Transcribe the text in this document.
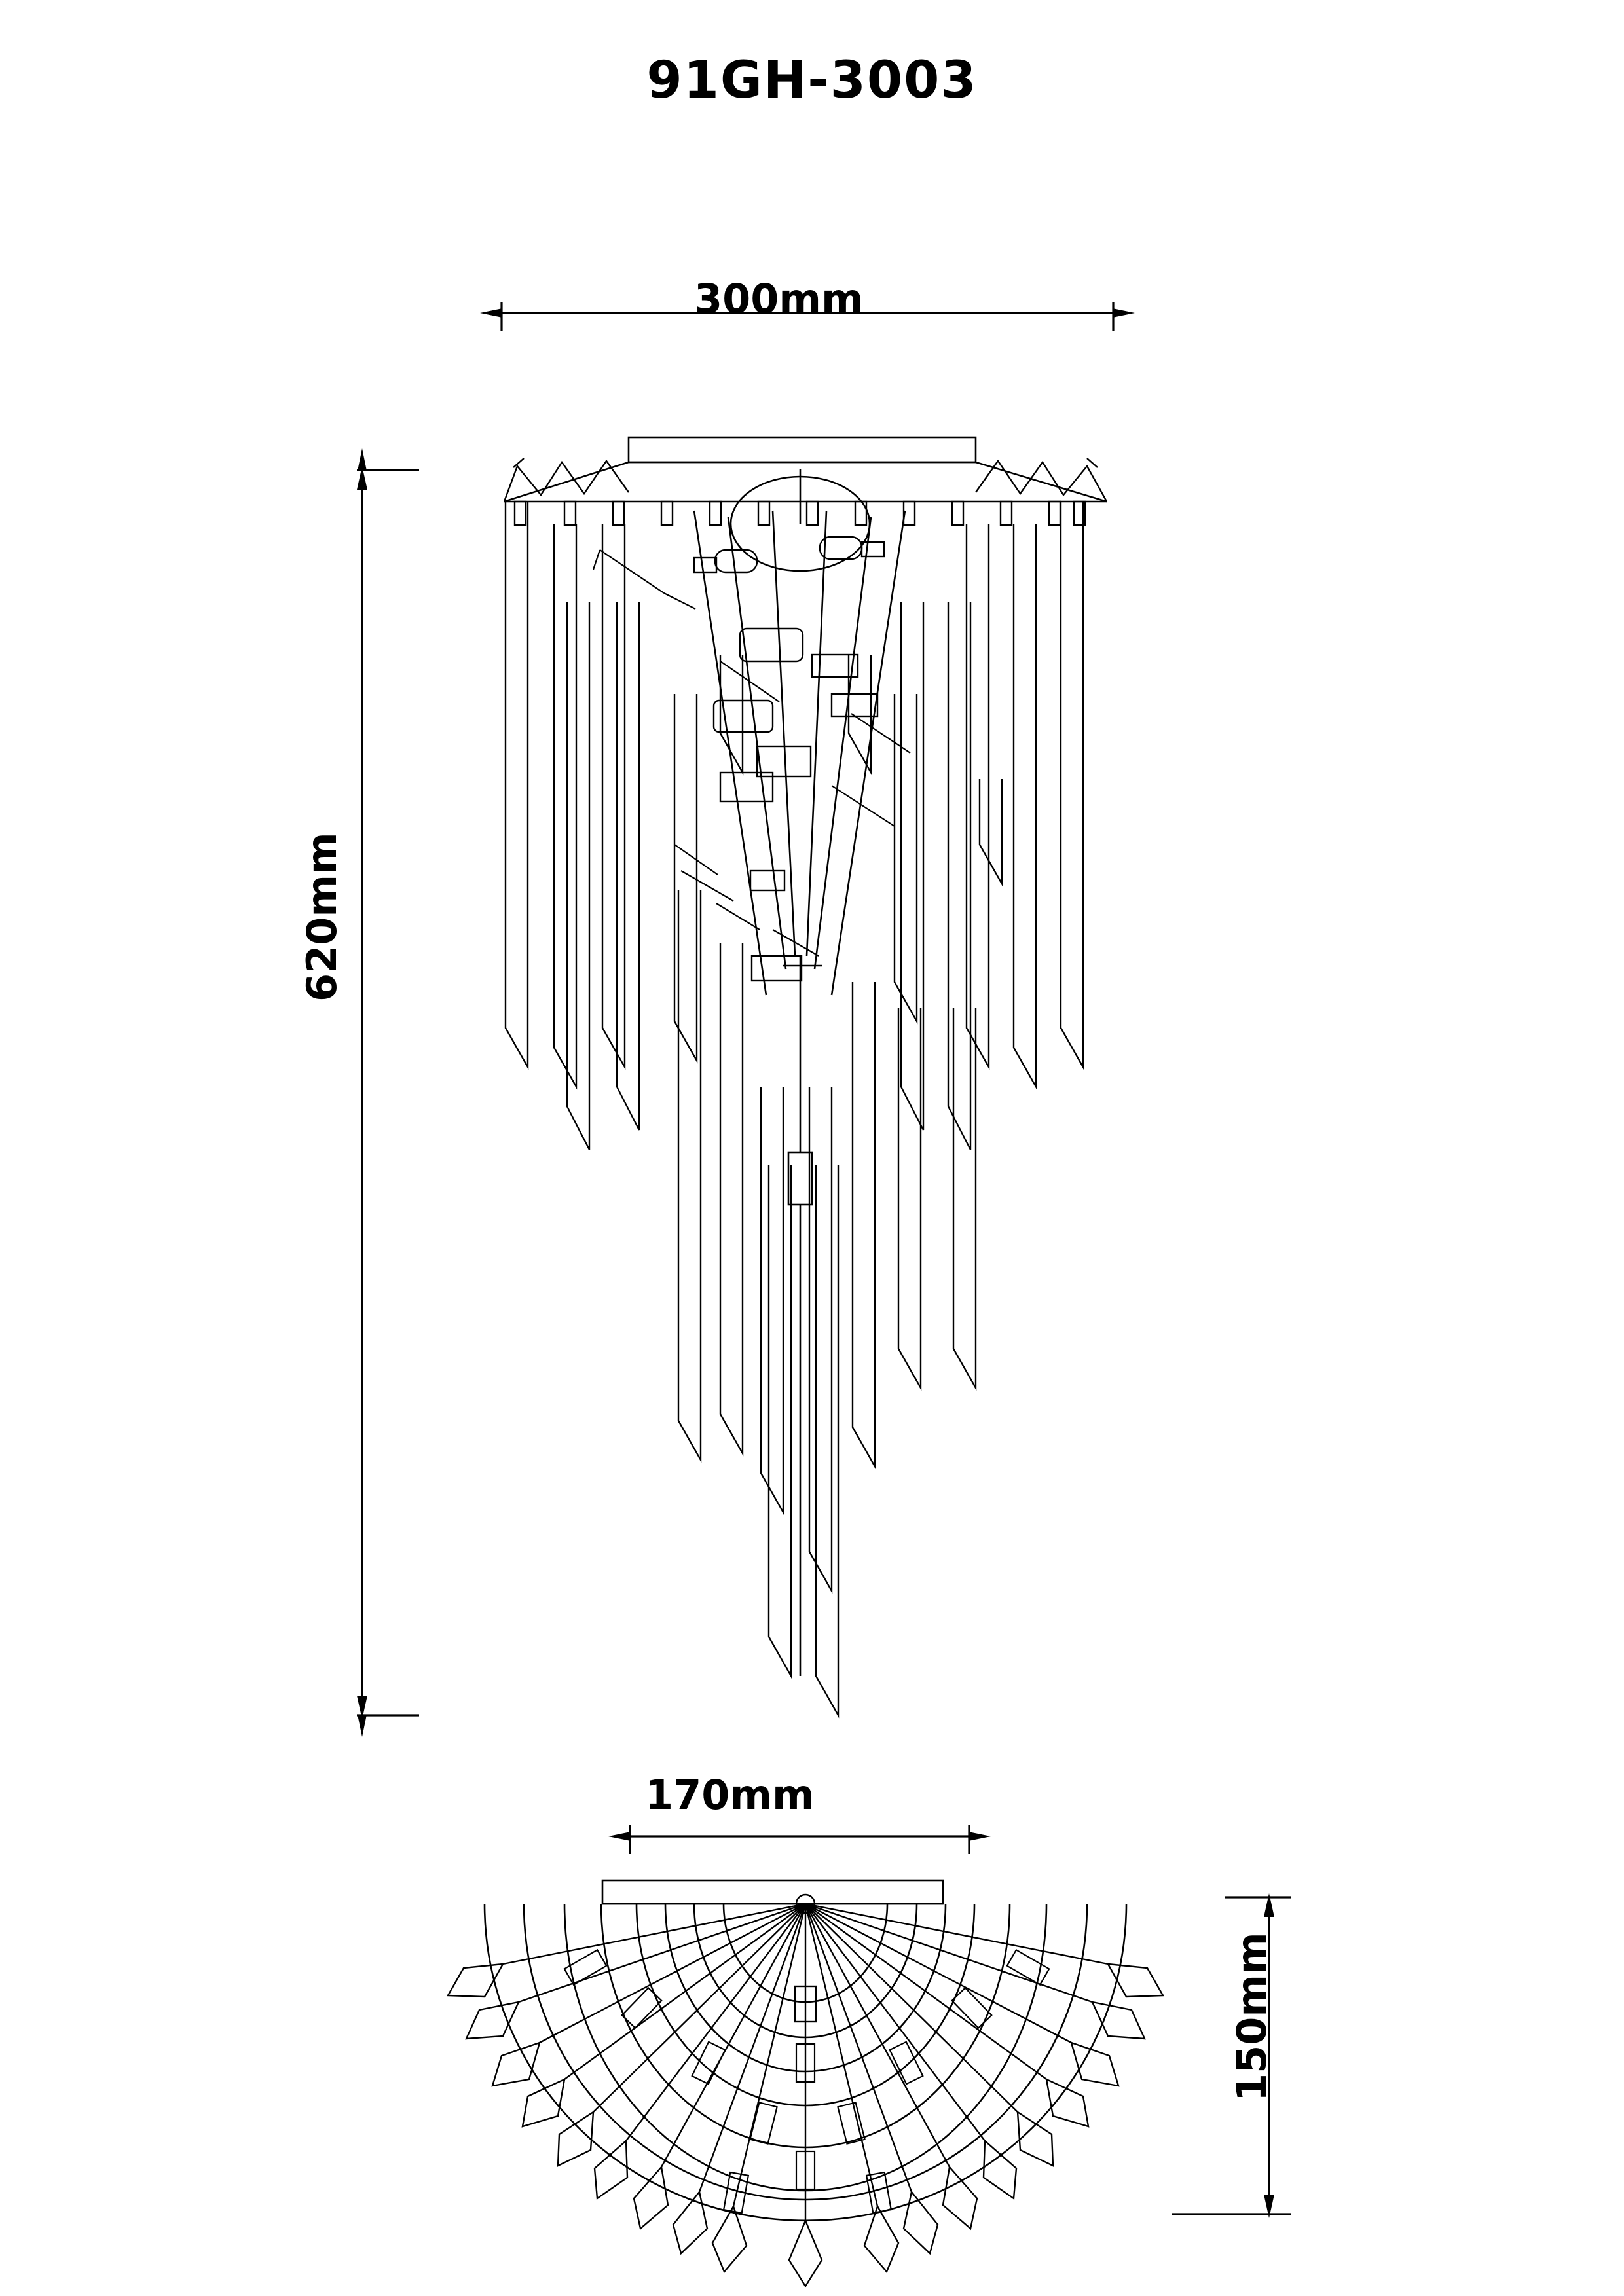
91GH-3003
300mm
620mm
170mm
150mm
